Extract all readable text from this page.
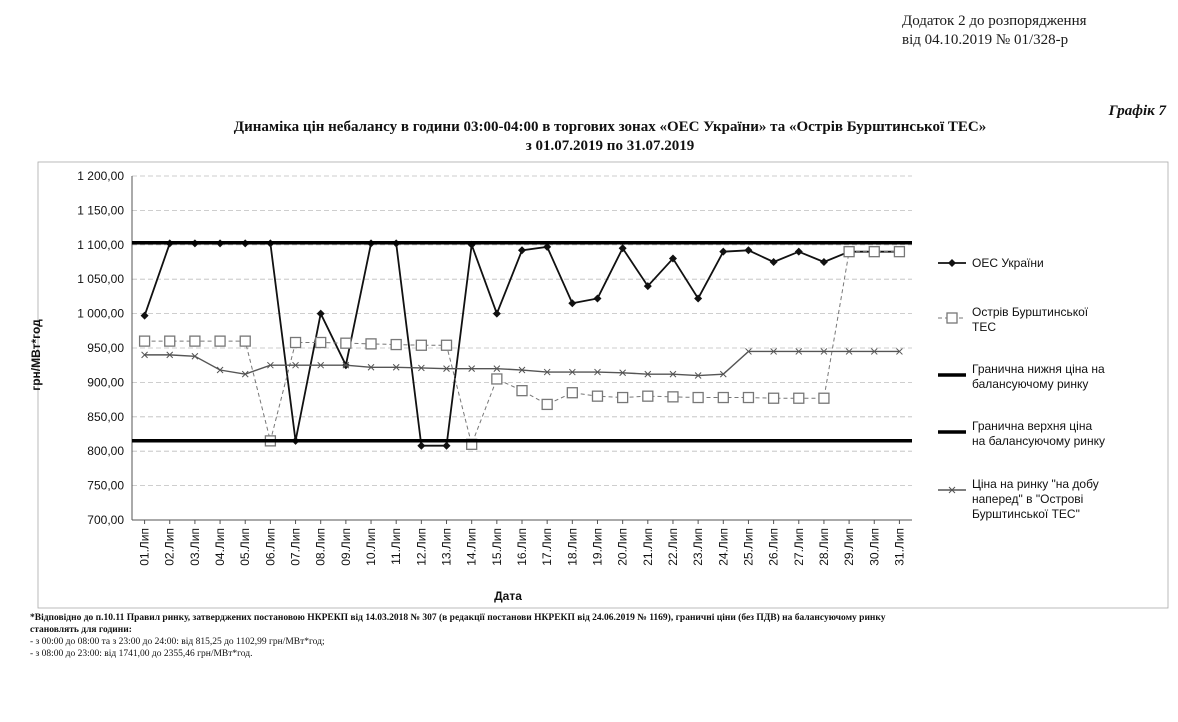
Додаток 2 до розпорядження
від 04.10.2019 № 01/328-р
Графік 7
Динаміка цін небалансу в години 03:00-04:00 в торгових зонах «ОЕС України» та «Острів Бурштинської ТЕС»
з 01.07.2019 по 31.07.2019
700,00
750,00
800,00
850,00
900,00
950,00
1 000,00
1 050,00
1 100,00
1 150,00
1 200,00
01.Лип 02.Лип 03.Лип 04.Лип 05.Лип 06.Лип 07.Лип 08.Лип 09.Лип 10.Лип 11.Лип 12.Лип 13.Лип 14.Лип 15.Лип 16.Лип 17.Лип 18.Лип 19.Лип 20.Лип 21.Лип 22.Лип 23.Лип 24.Лип 25.Лип 26.Лип 27.Лип 28.Лип 29.Лип 30.Лип 31.Лип
грн/МВт*год
Дата
ОЕС України
Острів Бурштинської ТЕС
Гранична нижня ціна на балансуючому ринку
Гранична верхня ціна на балансуючому ринку
Ціна на ринку "на добу наперед" в "Острові Бурштинської ТЕС"
*Відповідно до п.10.11 Правил ринку, затверджених постановою НКРЕКП від 14.03.2018 № 307 (в редакції постанови НКРЕКП від 24.06.2019 № 1169), граничні ціни (без ПДВ) на балансуючому ринку
становлять для години:
- з 00:00 до 08:00 та з 23:00 до 24:00: від 815,25 до 1102,99 грн/МВт*год;
- з 08:00 до 23:00: від 1741,00 до 2355,46 грн/МВт*год.
